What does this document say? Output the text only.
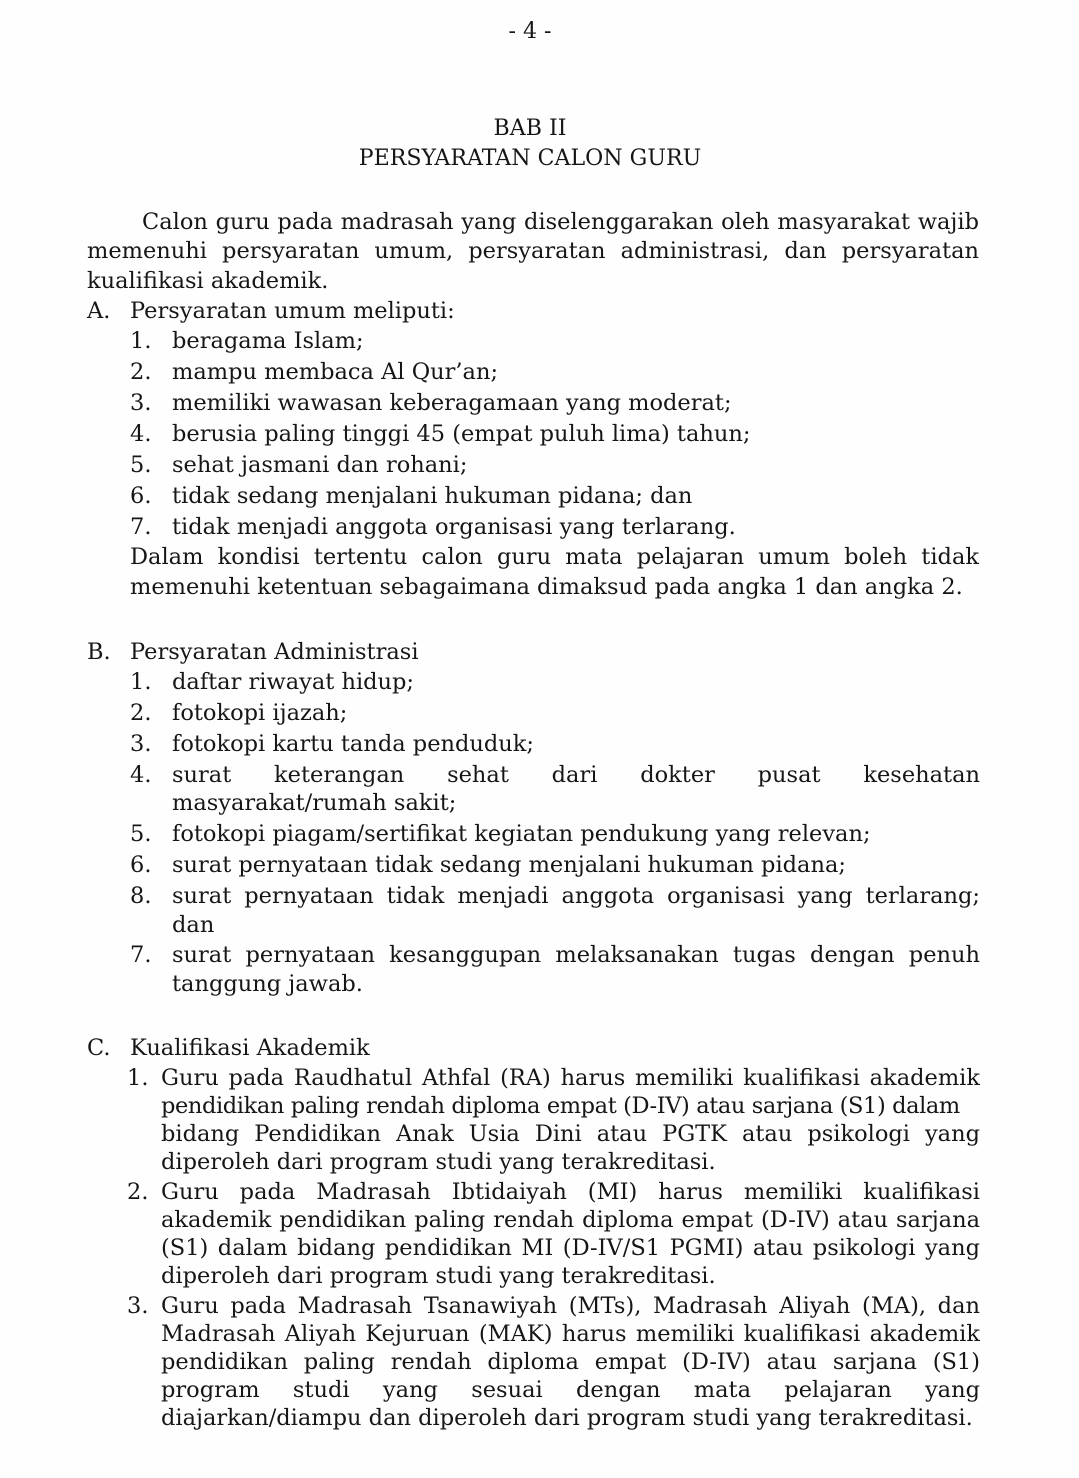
- 4 -
BAB II
PERSYARATAN CALON GURU
Calon guru pada madrasah yang diselenggarakan oleh masyarakat wajib
memenuhi persyaratan umum, persyaratan administrasi, dan persyaratan
kualifikasi akademik.
A. Persyaratan umum meliputi:
1. beragama Islam;
2. mampu membaca Al Qur’an;
3. memiliki wawasan keberagamaan yang moderat;
4. berusia paling tinggi 45 (empat puluh lima) tahun;
5. sehat jasmani dan rohani;
6. tidak sedang menjalani hukuman pidana; dan
7. tidak menjadi anggota organisasi yang terlarang.
Dalam kondisi tertentu calon guru mata pelajaran umum boleh tidak
memenuhi ketentuan sebagaimana dimaksud pada angka 1 dan angka 2.
B. Persyaratan Administrasi
1. daftar riwayat hidup;
2. fotokopi ijazah;
3. fotokopi kartu tanda penduduk;
4. surat keterangan sehat dari dokter pusat kesehatan
masyarakat/rumah sakit;
5. fotokopi piagam/sertifikat kegiatan pendukung yang relevan;
6. surat pernyataan tidak sedang menjalani hukuman pidana;
8. surat pernyataan tidak menjadi anggota organisasi yang terlarang;
dan
7. surat pernyataan kesanggupan melaksanakan tugas dengan penuh
tanggung jawab.
C. Kualifikasi Akademik
1. Guru pada Raudhatul Athfal (RA) harus memiliki kualifikasi akademik
pendidikan paling rendah diploma empat (D-IV) atau sarjana (S1) dalam
bidang Pendidikan Anak Usia Dini atau PGTK atau psikologi yang
diperoleh dari program studi yang terakreditasi.
2. Guru pada Madrasah Ibtidaiyah (MI) harus memiliki kualifikasi
akademik pendidikan paling rendah diploma empat (D-IV) atau sarjana
(S1) dalam bidang pendidikan MI (D-IV/S1 PGMI) atau psikologi yang
diperoleh dari program studi yang terakreditasi.
3. Guru pada Madrasah Tsanawiyah (MTs), Madrasah Aliyah (MA), dan
Madrasah Aliyah Kejuruan (MAK) harus memiliki kualifikasi akademik
pendidikan paling rendah diploma empat (D-IV) atau sarjana (S1)
program studi yang sesuai dengan mata pelajaran yang
diajarkan/diampu dan diperoleh dari program studi yang terakreditasi.
